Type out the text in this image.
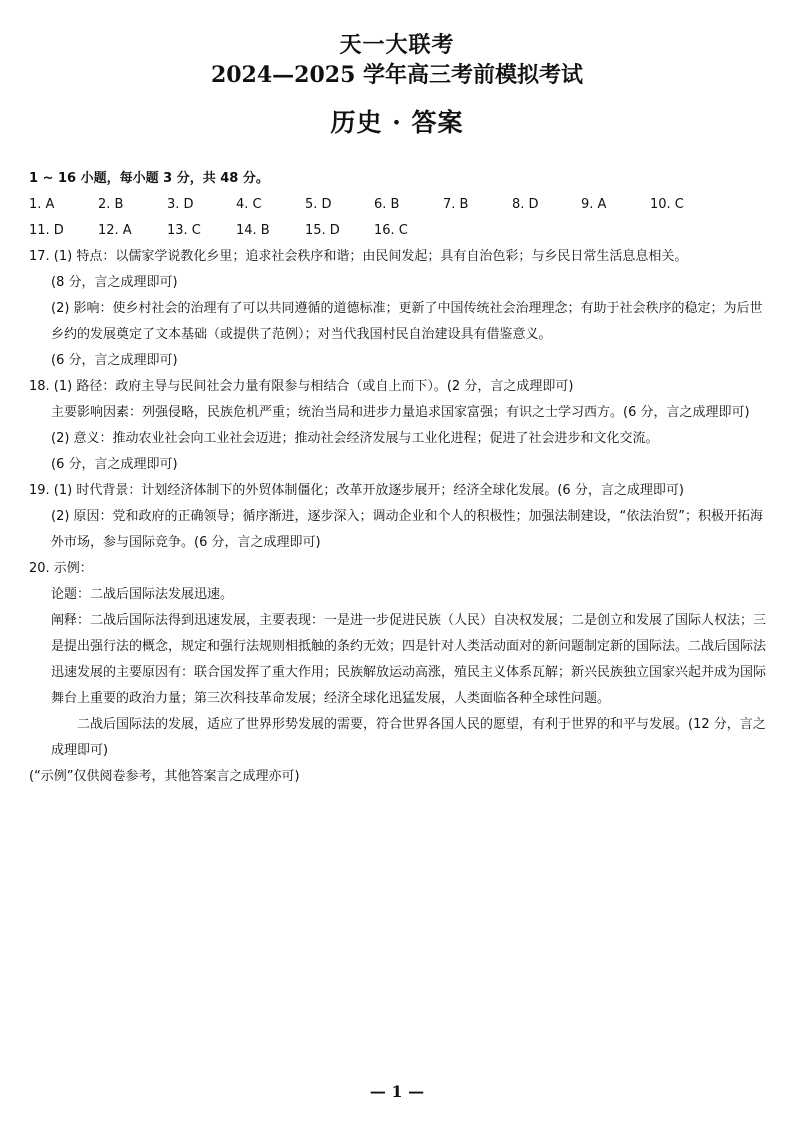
天一大联考
2024—2025 学年高三考前模拟考试
历史 · 答案

1 ~ 16 小题，每小题 3 分，共 48 分。

1. A	2. B	3. D	4. C	5. D	6. B	7. B	8. D	9. A	10. C
11. D	12. A	13. C	14. B	15. D	16. C

17. (1) 特点：以儒家学说教化乡里；追求社会秩序和谐；由民间发起；具有自治色彩；与乡民日常生活息息相关。

(8 分，言之成理即可)

(2) 影响：使乡村社会的治理有了可以共同遵循的道德标准；更新了中国传统社会治理理念；有助于社会秩序的稳定；为后世乡约的发展奠定了文本基础（或提供了范例）；对当代我国村民自治建设具有借鉴意义。

(6 分，言之成理即可)

18. (1) 路径：政府主导与民间社会力量有限参与相结合（或自上而下）。(2 分，言之成理即可)

主要影响因素：列强侵略，民族危机严重；统治当局和进步力量追求国家富强；有识之士学习西方。(6 分，言之成理即可)

(2) 意义：推动农业社会向工业社会迈进；推动社会经济发展与工业化进程；促进了社会进步和文化交流。

(6 分，言之成理即可)

19. (1) 时代背景：计划经济体制下的外贸体制僵化；改革开放逐步展开；经济全球化发展。(6 分，言之成理即可)

(2) 原因：党和政府的正确领导；循序渐进，逐步深入；调动企业和个人的积极性；加强法制建设，“依法治贸”；积极开拓海外市场，参与国际竞争。(6 分，言之成理即可)

20. 示例：

论题：二战后国际法发展迅速。

阐释：二战后国际法得到迅速发展，主要表现：一是进一步促进民族（人民）自决权发展；二是创立和发展了国际人权法；三是提出强行法的概念，规定和强行法规则相抵触的条约无效；四是针对人类活动面对的新问题制定新的国际法。二战后国际法迅速发展的主要原因有：联合国发挥了重大作用；民族解放运动高涨，殖民主义体系瓦解；新兴民族独立国家兴起并成为国际舞台上重要的政治力量；第三次科技革命发展；经济全球化迅猛发展，人类面临各种全球性问题。

二战后国际法的发展，适应了世界形势发展的需要，符合世界各国人民的愿望，有利于世界的和平与发展。(12 分，言之成理即可)

(“示例”仅供阅卷参考，其他答案言之成理亦可)

— 1 —
